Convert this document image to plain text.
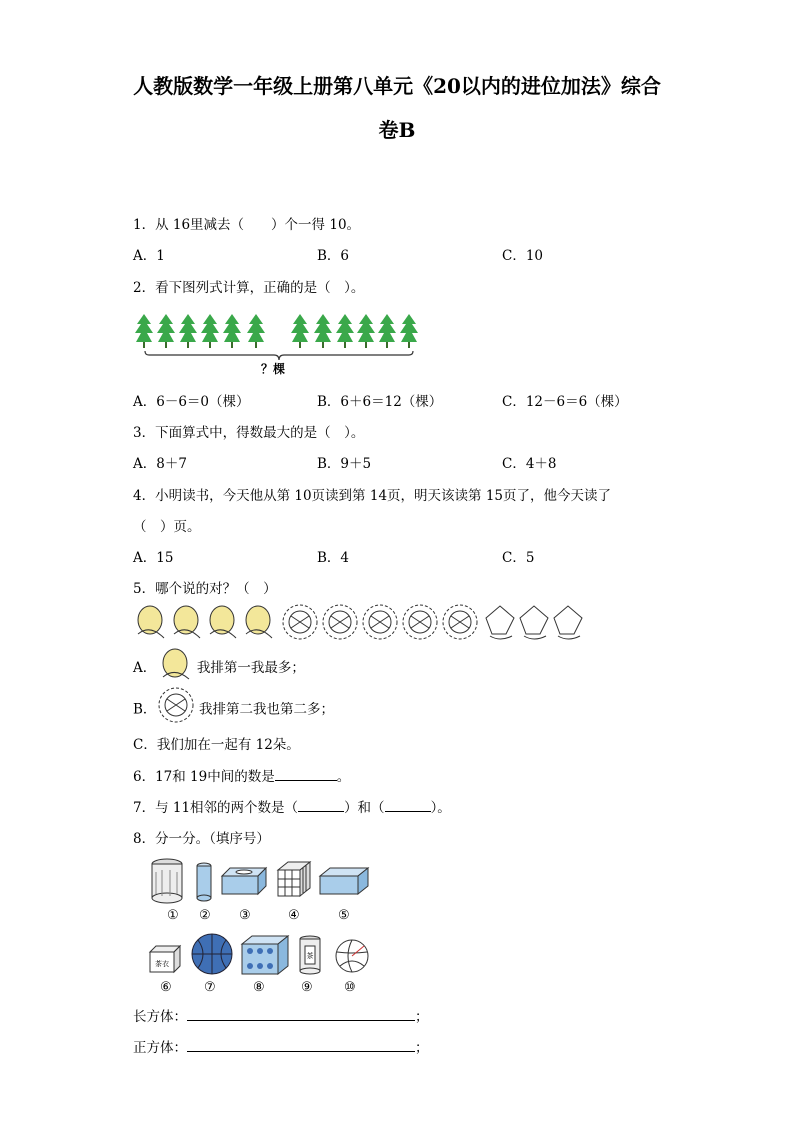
人教版数学一年级上册第八单元《20以内的进位加法》综合
卷B
1．从 16里减去（　　）个一得 10。
A．1	B．6	C．10
2．看下图列式计算，正确的是（　）。
？棵
A．6－6＝0（棵）	B．6＋6＝12（棵）	C．12－6＝6（棵）
3．下面算式中，得数最大的是（　）。
A．8＋7	B．9＋5	C．4＋8
4．小明读书，今天他从第 10页读到第 14页，明天该读第 15页了，他今天读了
（　）页。
A．15	B．4	C．5
5．哪个说的对？（　）
A．	我排第一我最多；
B．	我排第二我也第二多；
C．我们加在一起有 12朵。
6．17和 19中间的数是	。
7．与 11相邻的两个数是（	）和（	）。
8．分一分。（填序号）
① ② ③	④	⑤
茶衣
茶
⑥ ⑦	⑧	⑨ ⑩
长方体：	；
正方体：	；
